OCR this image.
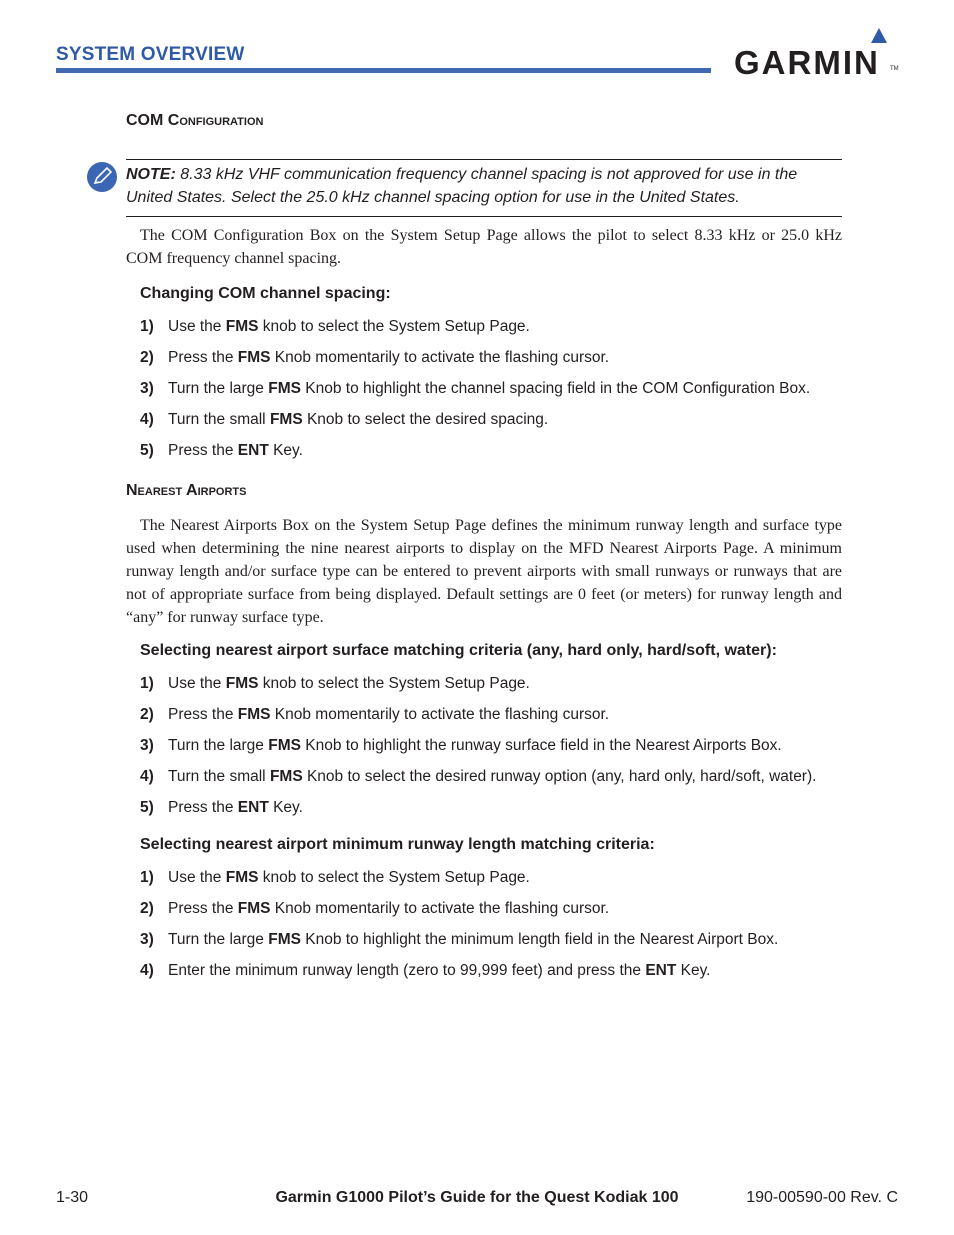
SYSTEM OVERVIEW	GARMIN TM
COM Configuration
NOTE: 8.33 kHz VHF communication frequency channel spacing is not approved for use in the United States. Select the 25.0 kHz channel spacing option for use in the United States.
The COM Configuration Box on the System Setup Page allows the pilot to select 8.33 kHz or 25.0 kHz COM frequency channel spacing.
Changing COM channel spacing:
1) Use the FMS knob to select the System Setup Page.
2) Press the FMS Knob momentarily to activate the flashing cursor.
3) Turn the large FMS Knob to highlight the channel spacing field in the COM Configuration Box.
4) Turn the small FMS Knob to select the desired spacing.
5) Press the ENT Key.
Nearest Airports
The Nearest Airports Box on the System Setup Page defines the minimum runway length and surface type used when determining the nine nearest airports to display on the MFD Nearest Airports Page. A minimum runway length and/or surface type can be entered to prevent airports with small runways or runways that are not of appropriate surface from being displayed. Default settings are 0 feet (or meters) for runway length and “any” for runway surface type.
Selecting nearest airport surface matching criteria (any, hard only, hard/soft, water):
1) Use the FMS knob to select the System Setup Page.
2) Press the FMS Knob momentarily to activate the flashing cursor.
3) Turn the large FMS Knob to highlight the runway surface field in the Nearest Airports Box.
4) Turn the small FMS Knob to select the desired runway option (any, hard only, hard/soft, water).
5) Press the ENT Key.
Selecting nearest airport minimum runway length matching criteria:
1) Use the FMS knob to select the System Setup Page.
2) Press the FMS Knob momentarily to activate the flashing cursor.
3) Turn the large FMS Knob to highlight the minimum length field in the Nearest Airport Box.
4) Enter the minimum runway length (zero to 99,999 feet) and press the ENT Key.
1-30	Garmin G1000 Pilot’s Guide for the Quest Kodiak 100	190-00590-00 Rev. C
